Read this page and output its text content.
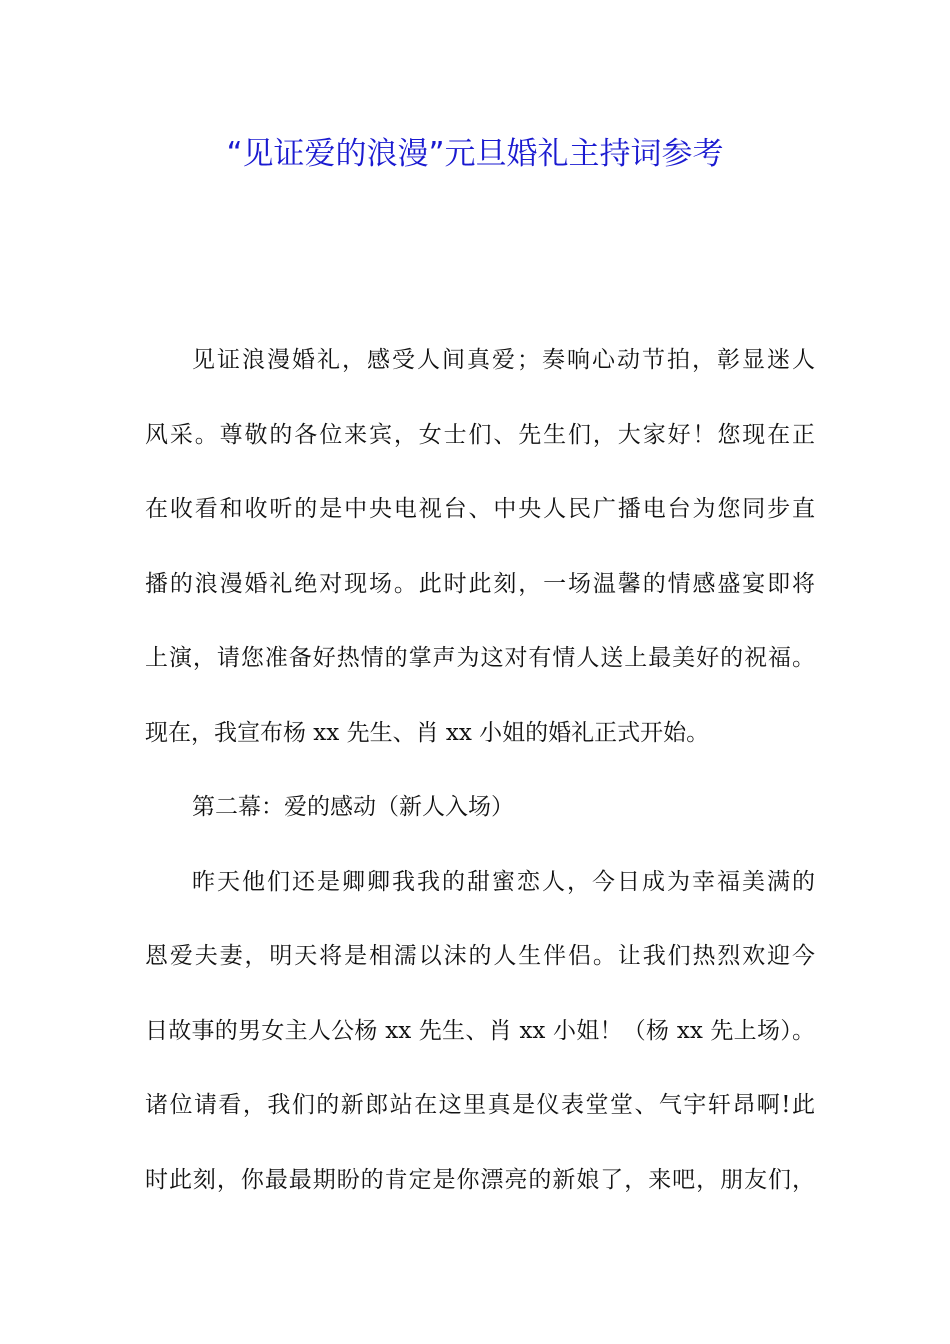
“见证爱的浪漫”元旦婚礼主持词参考

见证浪漫婚礼，感受人间真爱；奏响心动节拍，彰显迷人

风采。尊敬的各位来宾，女士们、先生们，大家好！您现在正

在收看和收听的是中央电视台、中央人民广播电台为您同步直

播的浪漫婚礼绝对现场。此时此刻，一场温馨的情感盛宴即将

上演，请您准备好热情的掌声为这对有情人送上最美好的祝福。

现在，我宣布杨 xx 先生、肖 xx 小姐的婚礼正式开始。

第二幕：爱的感动（新人入场）

昨天他们还是卿卿我我的甜蜜恋人，今日成为幸福美满的

恩爱夫妻，明天将是相濡以沫的人生伴侣。让我们热烈欢迎今

日故事的男女主人公杨 xx 先生、肖 xx 小姐！（杨 xx 先上场）。

诸位请看，我们的新郎站在这里真是仪表堂堂、气宇轩昂啊!此

时此刻，你最最期盼的肯定是你漂亮的新娘了，来吧，朋友们，
